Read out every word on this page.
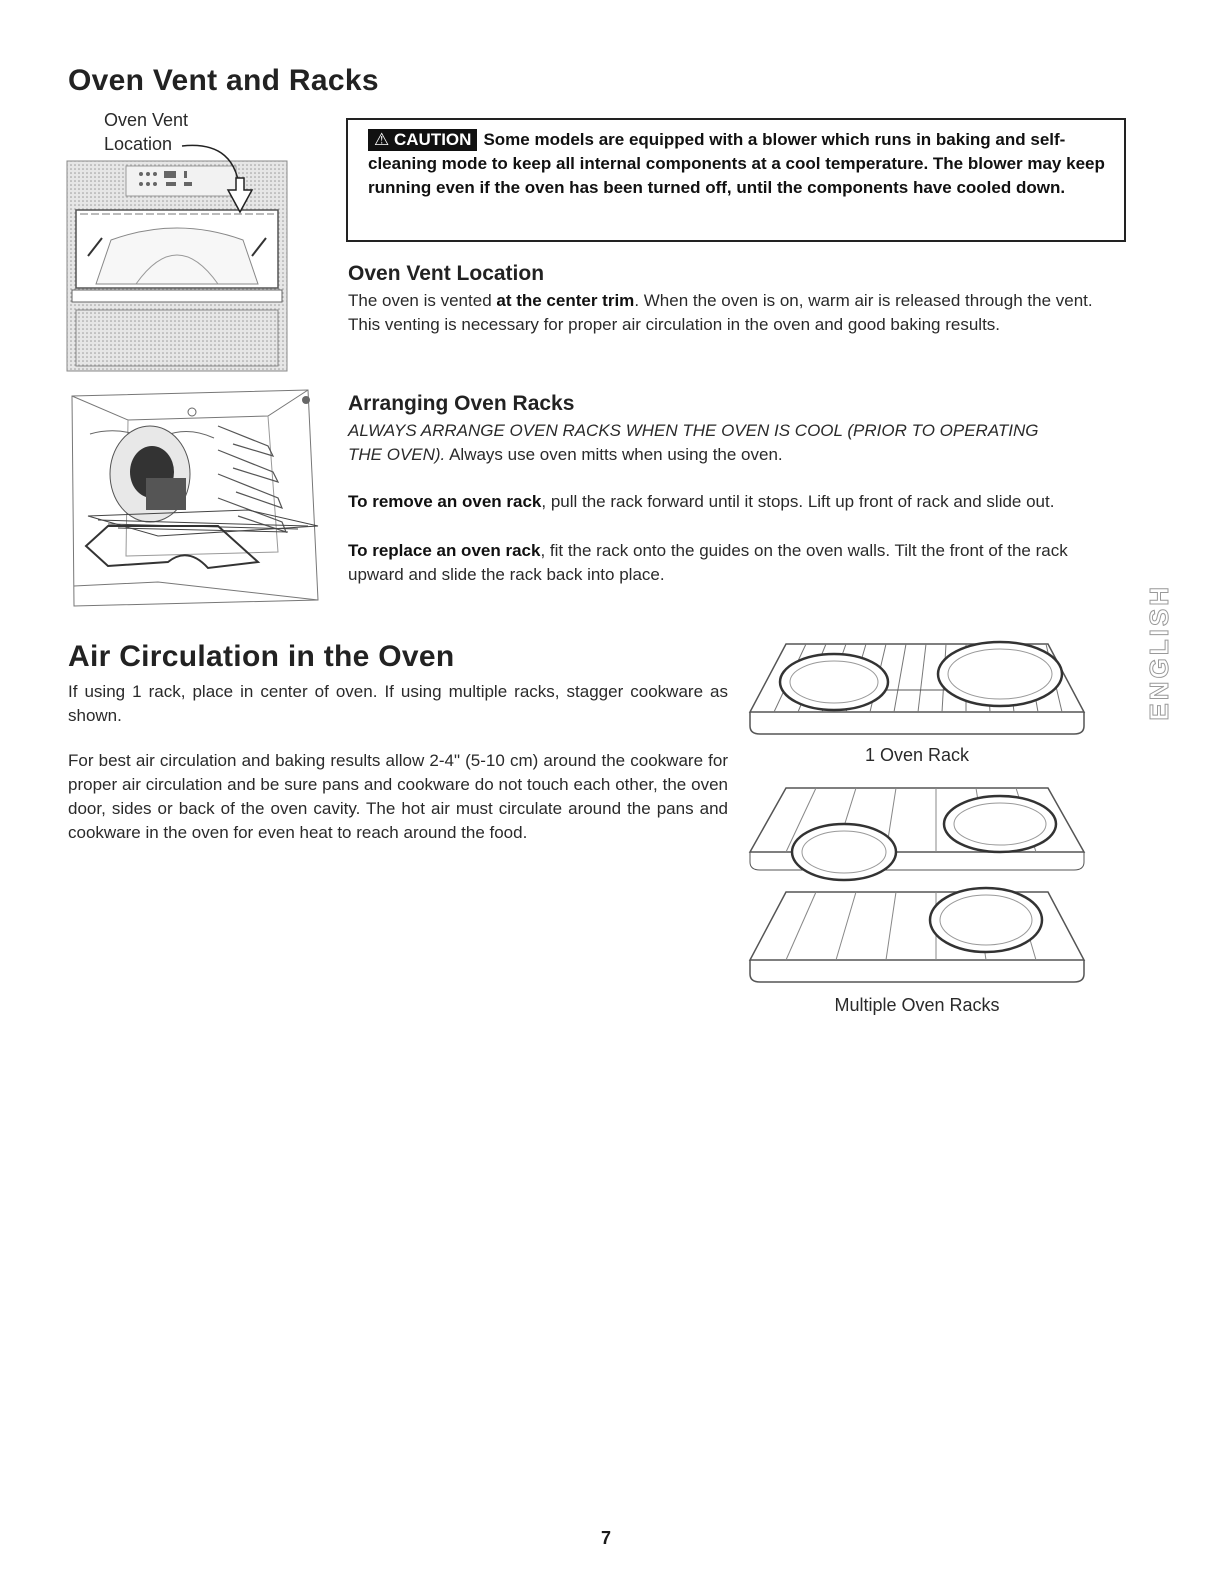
Oven Vent and Racks
Oven Vent
Location	⚠ CAUTION Some models are equipped with a blower which runs in baking and self-cleaning mode to keep all internal components at a cool temperature. The blower may keep running even if the oven has been turned off, until the components have cooled down.
Oven Vent Location
The oven is vented at the center trim. When the oven is on, warm air is released through the vent. This venting is necessary for proper air circulation in the oven and good baking results.
Arranging Oven Racks
ALWAYS ARRANGE OVEN RACKS WHEN THE OVEN IS COOL (PRIOR TO OPERATING THE OVEN). Always use oven mitts when using the oven.
To remove an oven rack, pull the rack forward until it stops. Lift up front of rack and slide out.
To replace an oven rack, fit the rack onto the guides on the oven walls. Tilt the front of the rack upward and slide the rack back into place.
Air Circulation in the Oven
If using 1 rack, place in center of oven. If using multiple racks, stagger cookware as shown.
For best air circulation and baking results allow 2-4" (5-10 cm) around the cookware for proper air circulation and be sure pans and cookware do not touch each other, the oven door, sides or back of the oven cavity. The hot air must circulate around the pans and cookware in the oven for even heat to reach around the food.
1 Oven Rack
Multiple Oven Racks
ENGLISH
7
